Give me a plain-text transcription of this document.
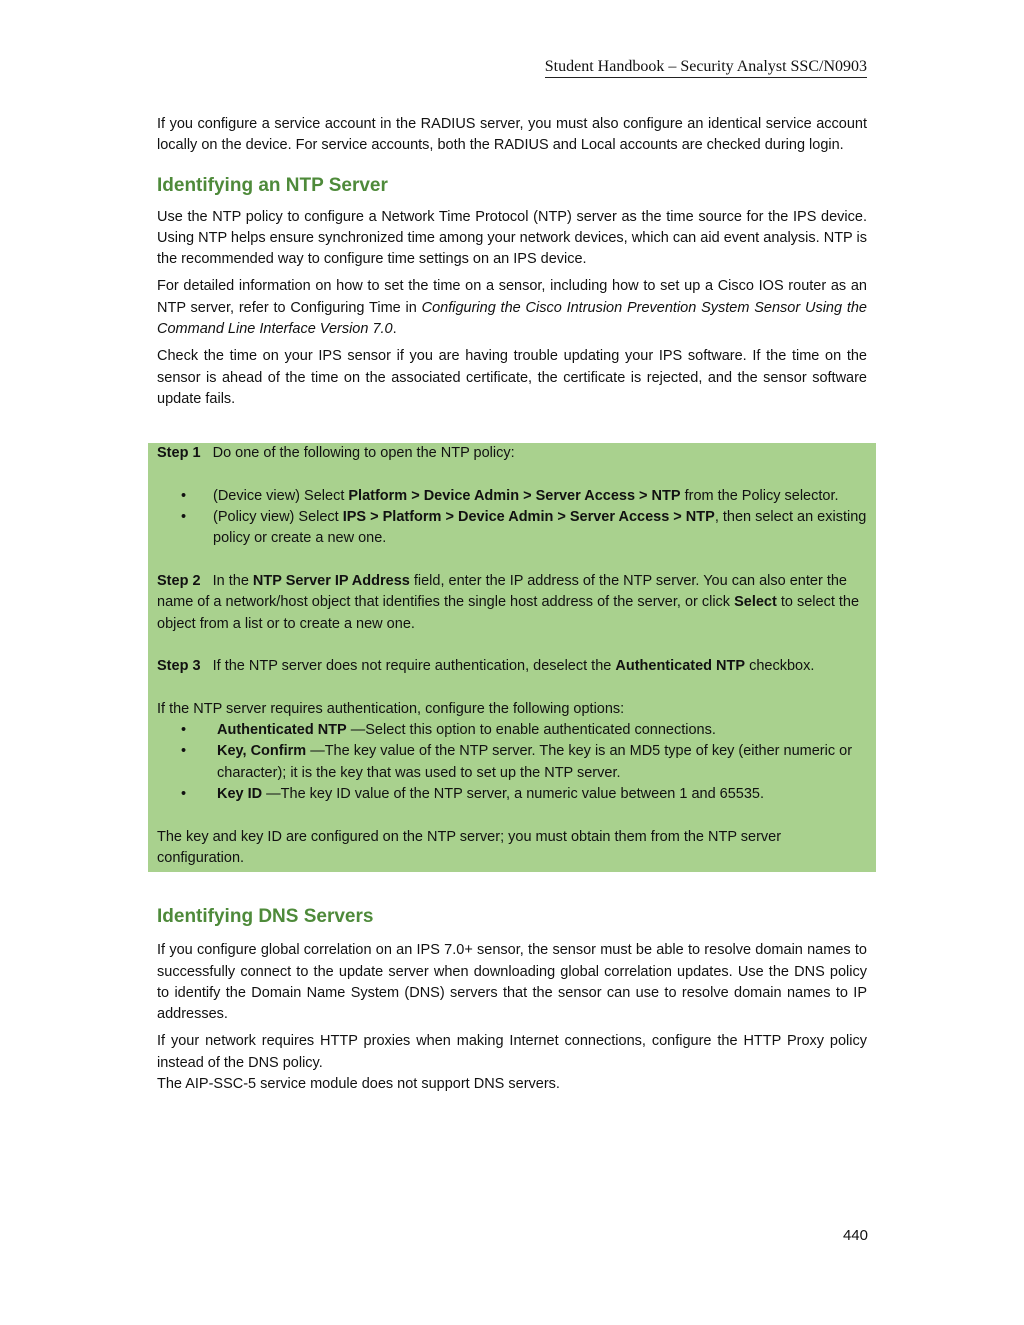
Student Handbook – Security Analyst SSC/N0903

If you configure a service account in the RADIUS server, you must also configure an identical service account locally on the device. For service accounts, both the RADIUS and Local accounts are checked during login.

Identifying an NTP Server

Use the NTP policy to configure a Network Time Protocol (NTP) server as the time source for the IPS device. Using NTP helps ensure synchronized time among your network devices, which can aid event analysis. NTP is the recommended way to configure time settings on an IPS device.

For detailed information on how to set the time on a sensor, including how to set up a Cisco IOS router as an NTP server, refer to Configuring Time in Configuring the Cisco Intrusion Prevention System Sensor Using the Command Line Interface Version 7.0.

Check the time on your IPS sensor if you are having trouble updating your IPS software. If the time on the sensor is ahead of the time on the associated certificate, the certificate is rejected, and the sensor software update fails.

Step 1 Do one of the following to open the NTP policy:

• (Device view) Select Platform > Device Admin > Server Access > NTP from the Policy selector.
• (Policy view) Select IPS > Platform > Device Admin > Server Access > NTP, then select an existing policy or create a new one.

Step 2 In the NTP Server IP Address field, enter the IP address of the NTP server. You can also enter the name of a network/host object that identifies the single host address of the server, or click Select to select the object from a list or to create a new one.

Step 3 If the NTP server does not require authentication, deselect the Authenticated NTP checkbox.

If the NTP server requires authentication, configure the following options:

• Authenticated NTP —Select this option to enable authenticated connections.
• Key, Confirm —The key value of the NTP server. The key is an MD5 type of key (either numeric or character); it is the key that was used to set up the NTP server.
• Key ID —The key ID value of the NTP server, a numeric value between 1 and 65535.

The key and key ID are configured on the NTP server; you must obtain them from the NTP server configuration.

Identifying DNS Servers

If you configure global correlation on an IPS 7.0+ sensor, the sensor must be able to resolve domain names to successfully connect to the update server when downloading global correlation updates. Use the DNS policy to identify the Domain Name System (DNS) servers that the sensor can use to resolve domain names to IP addresses.

If your network requires HTTP proxies when making Internet connections, configure the HTTP Proxy policy instead of the DNS policy.

The AIP-SSC-5 service module does not support DNS servers.

440
